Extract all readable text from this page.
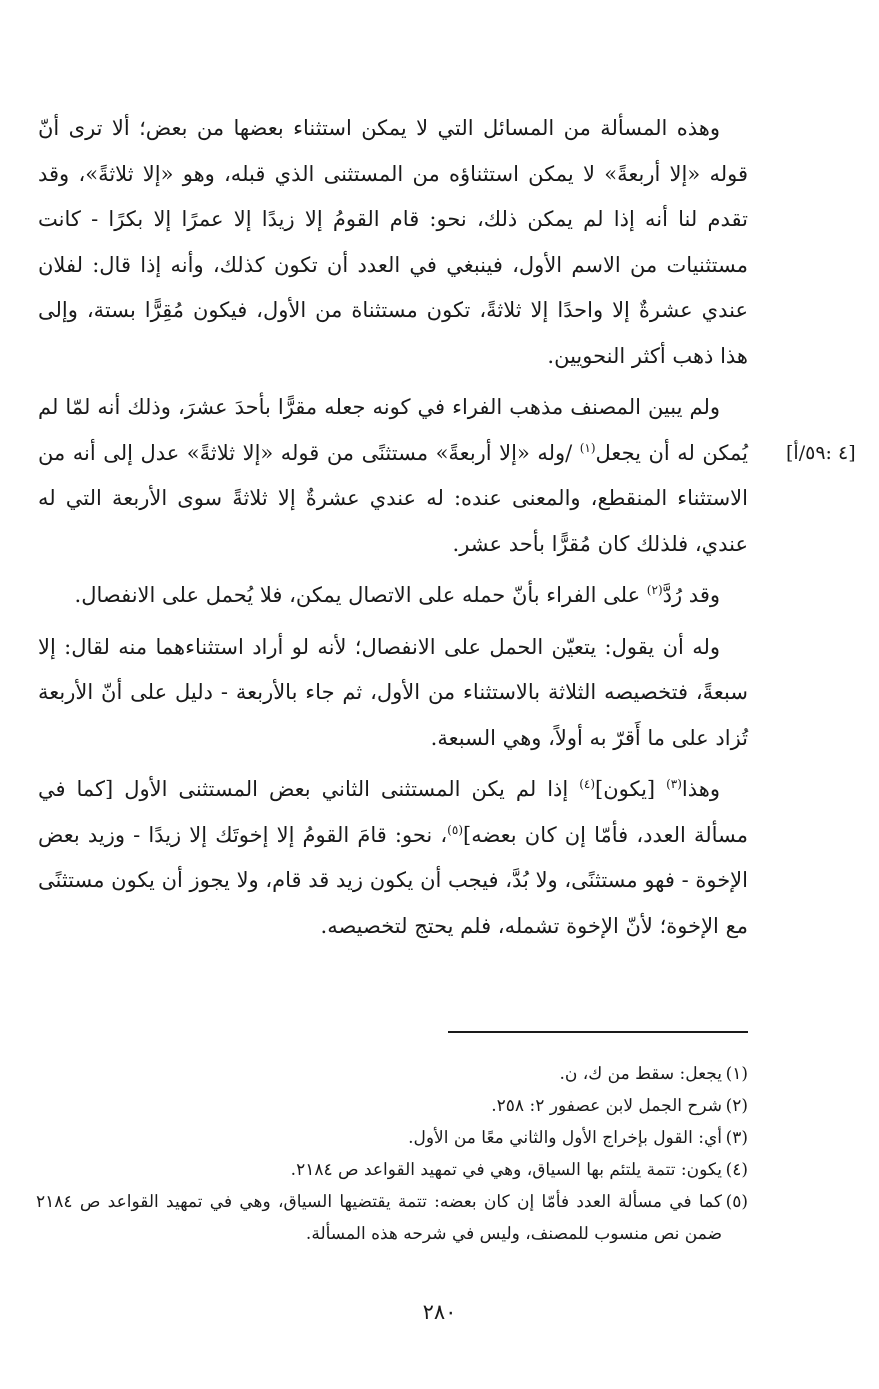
وهذه المسألة من المسائل التي لا يمكن استثناء بعضها من بعض؛ ألا ترى أنّ قوله «إلا أربعةً» لا يمكن استثناؤه من المستثنى الذي قبله، وهو «إلا ثلاثةً»، وقد تقدم لنا أنه إذا لم يمكن ذلك، نحو: قام القومُ إلا زيدًا إلا عمرًا إلا بكرًا - كانت مستثنيات من الاسم الأول، فينبغي في العدد أن تكون كذلك، وأنه إذا قال: لفلان عندي عشرةٌ إلا واحدًا إلا ثلاثةً، تكون مستثناة من الأول، فيكون مُقِرًّا بستة، وإلى هذا ذهب أكثر النحويين.

ولم يبين المصنف مذهب الفراء في كونه جعله مقرًّا بأحدَ عشرَ، وذلك أنه لمّا لم يُمكن له أن يجعل$^{(١)}$ /وله «إلا أربعةً» مستثنًى من قوله «إلا ثلاثةً» عدل إلى أنه من الاستثناء المنقطع، والمعنى عنده: له عندي عشرةٌ إلا ثلاثةً سوى الأربعة التي له عندي، فلذلك كان مُقرًّا بأحد عشر.

وقد رُدَّ$^{(٢)}$ على الفراء بأنّ حمله على الاتصال يمكن، فلا يُحمل على الانفصال.

وله أن يقول: يتعيّن الحمل على الانفصال؛ لأنه لو أراد استثناءهما منه لقال: إلا سبعةً، فتخصيصه الثلاثة بالاستثناء من الأول، ثم جاء بالأربعة - دليل على أنّ الأربعة تُزاد على ما أَقرّ به أولاً، وهي السبعة.

وهذا$^{(٣)}$ [يكون]$^{(٤)}$ إذا لم يكن المستثنى الثاني بعض المستثنى الأول [كما في مسألة العدد، فأمّا إن كان بعضه]$^{(٥)}$، نحو: قامَ القومُ إلا إخوتَك إلا زيدًا - وزيد بعض الإخوة - فهو مستثنًى، ولا بُدَّ، فيجب أن يكون زيد قد قام، ولا يجوز أن يكون مستثنًى مع الإخوة؛ لأنّ الإخوة تشمله، فلم يحتج لتخصيصه.

[٤ :٥٩/أ]

(١)
يجعل: سقط من ك، ن.

(٢)
شرح الجمل لابن عصفور ٢: ٢٥٨.

(٣)
أي: القول بإخراج الأول والثاني معًا من الأول.

(٤)
يكون: تتمة يلتئم بها السياق، وهي في تمهيد القواعد ص ٢١٨٤.

(٥)
كما في مسألة العدد فأمّا إن كان بعضه: تتمة يقتضيها السياق، وهي في تمهيد القواعد ص ٢١٨٤ ضمن نص منسوب للمصنف، وليس في شرحه هذه المسألة.

٢٨٠
